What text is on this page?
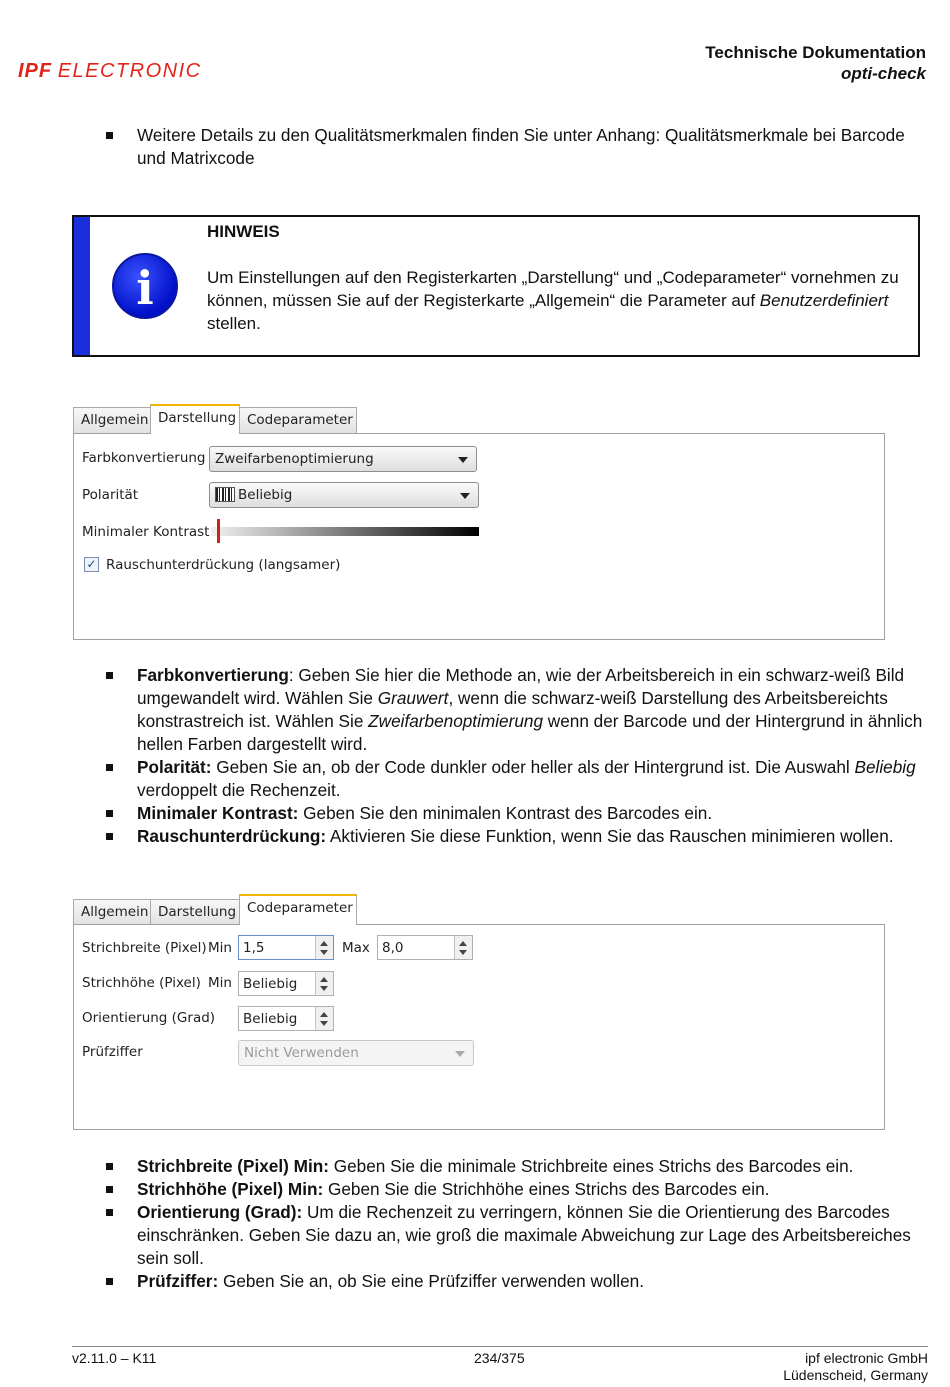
IPF ELECTRONIC
Technische Dokumentation
opti-check
Weitere Details zu den Qualitätsmerkmalen finden Sie unter Anhang: Qualitätsmerkmale bei Barcode und Matrixcode
i
HINWEIS
Um Einstellungen auf den Registerkarten „Darstellung“ und „Codeparameter“ vornehmen zu können, müssen Sie auf der Registerkarte „Allgemein“ die Parameter auf Benutzerdefiniert stellen.
Allgemein Darstellung Codeparameter
Farbkonvertierung Zweifarbenoptimierung
Polarität	Beliebig
Minimaler Kontrast
✓ Rauschunterdrückung (langsamer)
Farbkonvertierung: Geben Sie hier die Methode an, wie der Arbeitsbereich in ein schwarz-weiß Bild umgewandelt wird. Wählen Sie Grauwert, wenn die schwarz-weiß Darstellung des Arbeitsbereichts konstrastreich ist. Wählen Sie Zweifarbenoptimierung wenn der Barcode und der Hintergrund in ähnlich hellen Farben dargestellt wird.
Polarität: Geben Sie an, ob der Code dunkler oder heller als der Hintergrund ist. Die Auswahl Beliebig verdoppelt die Rechenzeit.
Minimaler Kontrast: Geben Sie den minimalen Kontrast des Barcodes ein.
Rauschunterdrückung: Aktivieren Sie diese Funktion, wenn Sie das Rauschen minimieren wollen.
Allgemein Darstellung Codeparameter
Strichbreite (Pixel) Min 1,5	Max 8,0
Strichhöhe (Pixel) Min Beliebig
Orientierung (Grad)	Beliebig
Prüfziffer	Nicht Verwenden
Strichbreite (Pixel) Min: Geben Sie die minimale Strichbreite eines Strichs des Barcodes ein.
Strichhöhe (Pixel) Min: Geben Sie die Strichhöhe eines Strichs des Barcodes ein.
Orientierung (Grad): Um die Rechenzeit zu verringern, können Sie die Orientierung des Barcodes einschränken. Geben Sie dazu an, wie groß die maximale Abweichung zur Lage des Arbeitsbereiches sein soll.
Prüfziffer: Geben Sie an, ob Sie eine Prüfziffer verwenden wollen.
v2.11.0 – K11	234/375	ipf electronic GmbH
Lüdenscheid, Germany
